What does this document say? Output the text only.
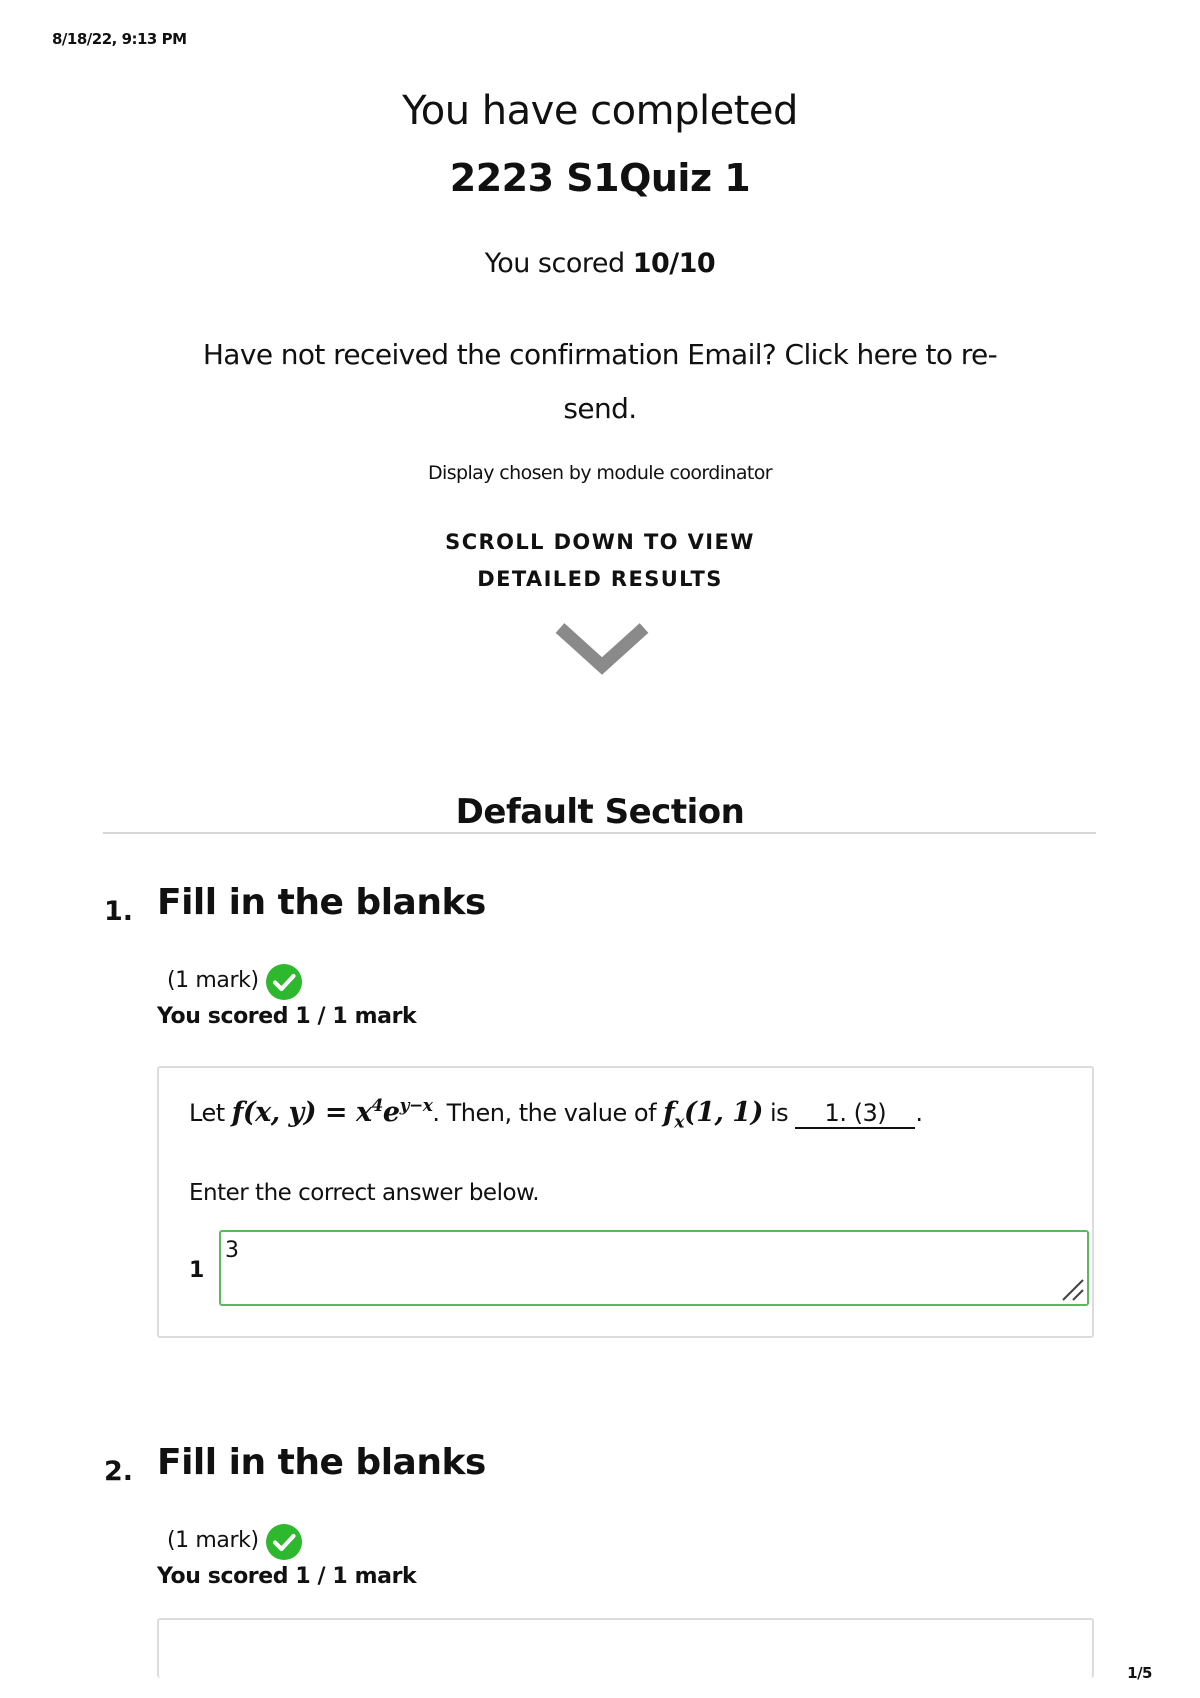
8/18/22, 9:13 PM
You have completed
2223 S1Quiz 1
You scored 10/10
Have not received the confirmation Email? Click here to re-send.
Display chosen by module coordinator
SCROLL DOWN TO VIEW
DETAILED RESULTS
Default Section
1. Fill in the blanks
(1 mark)
You scored 1 / 1 mark
Let f(x, $y) = x^4e^{y-x}$. Then, the value of $f_x(1$, 1) is 1. (3) .
Enter the correct answer below.
1
3
2. Fill in the blanks
(1 mark)
You scored 1 / 1 mark
1/5
